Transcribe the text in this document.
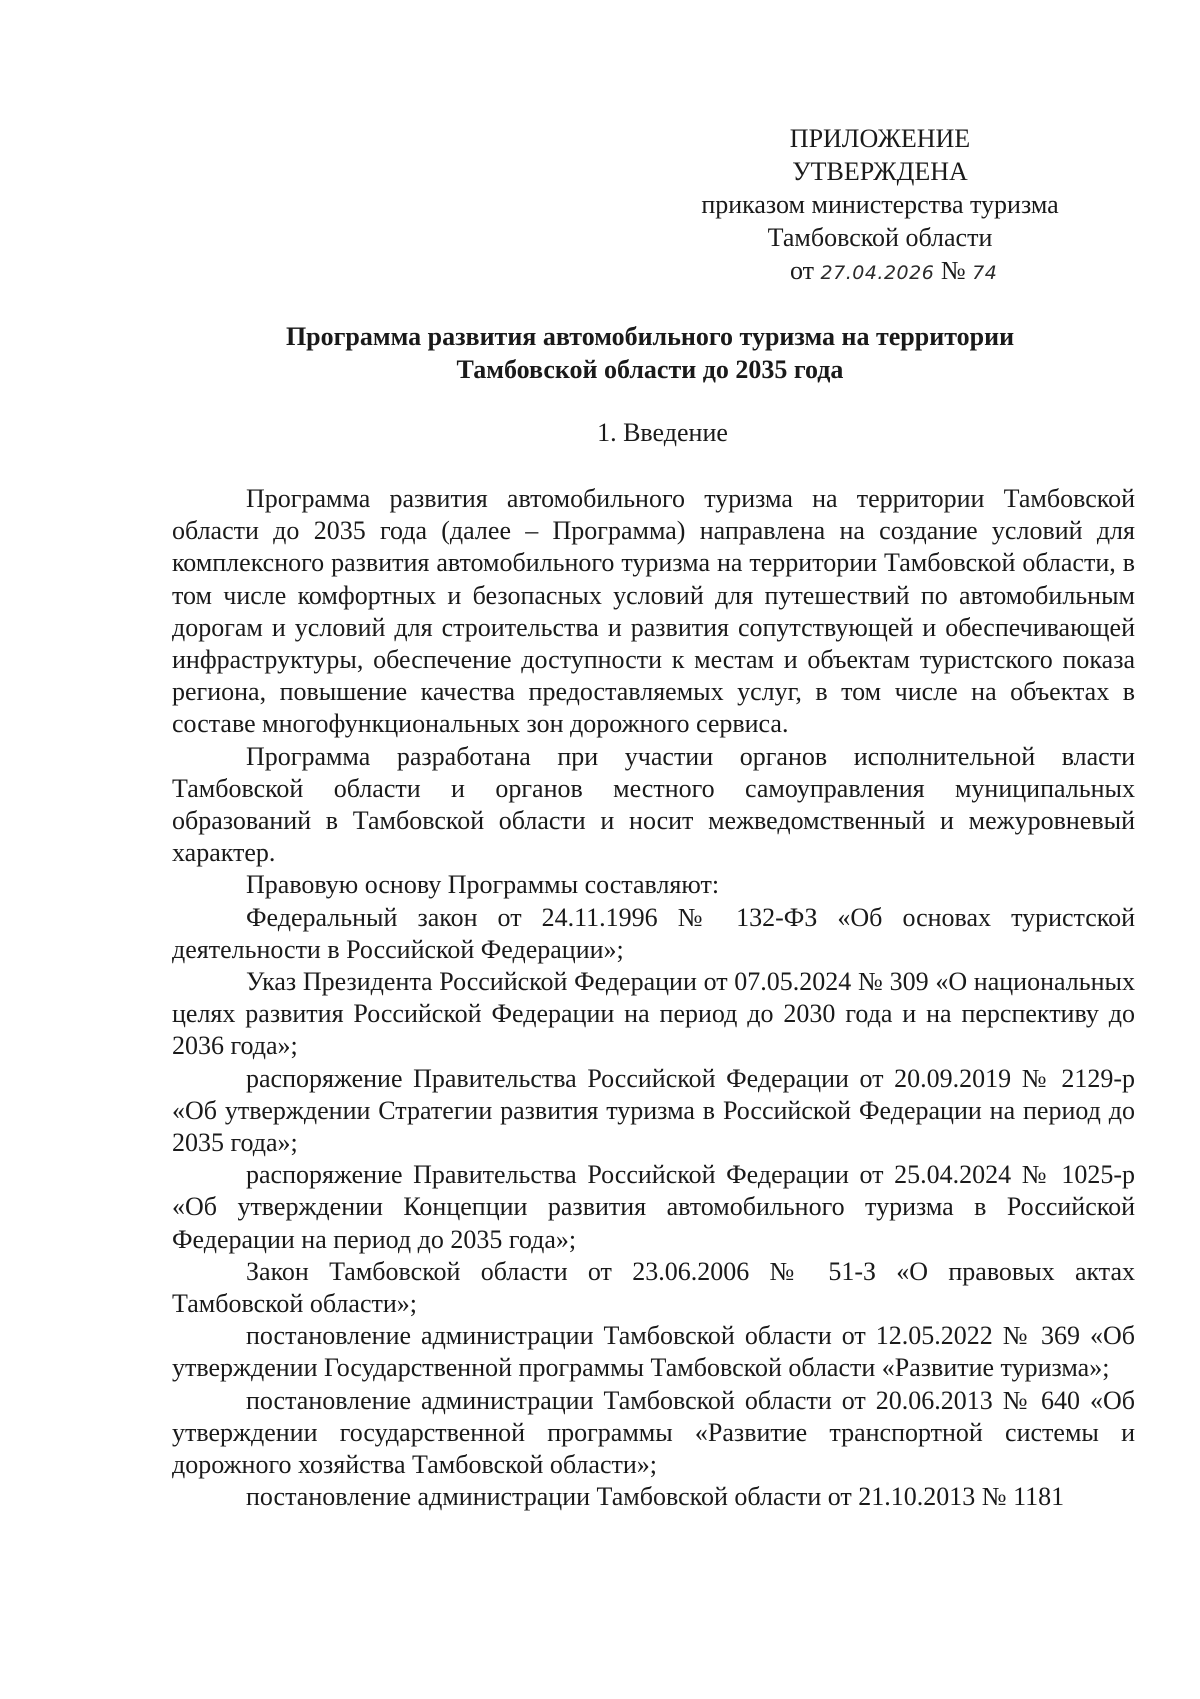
ПРИЛОЖЕНИЕ
УТВЕРЖДЕНА
приказом министерства туризма
Тамбовской области
от 27.04.2026 № 74
Программа развития автомобильного туризма на территории
Тамбовской области до 2035 года
1. Введение

Программа развития автомобильного туризма на территории Тамбовской области до 2035 года (далее – Программа) направлена на создание условий для комплексного развития автомобильного туризма на территории Тамбовской области, в том числе комфортных и безопасных условий для путешествий по автомобильным дорогам и условий для строительства и развития сопутствующей и обеспечивающей инфраструктуры, обеспечение доступности к местам и объектам туристского показа региона, повышение качества предоставляемых услуг, в том числе на объектах в составе многофункциональных зон дорожного сервиса.

Программа разработана при участии органов исполнительной власти Тамбовской области и органов местного самоуправления муниципальных образований в Тамбовской области и носит межведомственный и межуровневый характер.

Правовую основу Программы составляют:

Федеральный закон от 24.11.1996 № 132-ФЗ «Об основах туристской деятельности в Российской Федерации»;

Указ Президента Российской Федерации от 07.05.2024 № 309 «О национальных целях развития Российской Федерации на период до 2030 года и на перспективу до 2036 года»;

распоряжение Правительства Российской Федерации от 20.09.2019 № 2129-р «Об утверждении Стратегии развития туризма в Российской Федерации на период до 2035 года»;

распоряжение Правительства Российской Федерации от 25.04.2024 № 1025-р «Об утверждении Концепции развития автомобильного туризма в Российской Федерации на период до 2035 года»;

Закон Тамбовской области от 23.06.2006 № 51-З «О правовых актах Тамбовской области»;

постановление администрации Тамбовской области от 12.05.2022 № 369 «Об утверждении Государственной программы Тамбовской области «Развитие туризма»;

постановление администрации Тамбовской области от 20.06.2013 № 640 «Об утверждении государственной программы «Развитие транспортной системы и дорожного хозяйства Тамбовской области»;

постановление администрации Тамбовской области от 21.10.2013 № 1181
